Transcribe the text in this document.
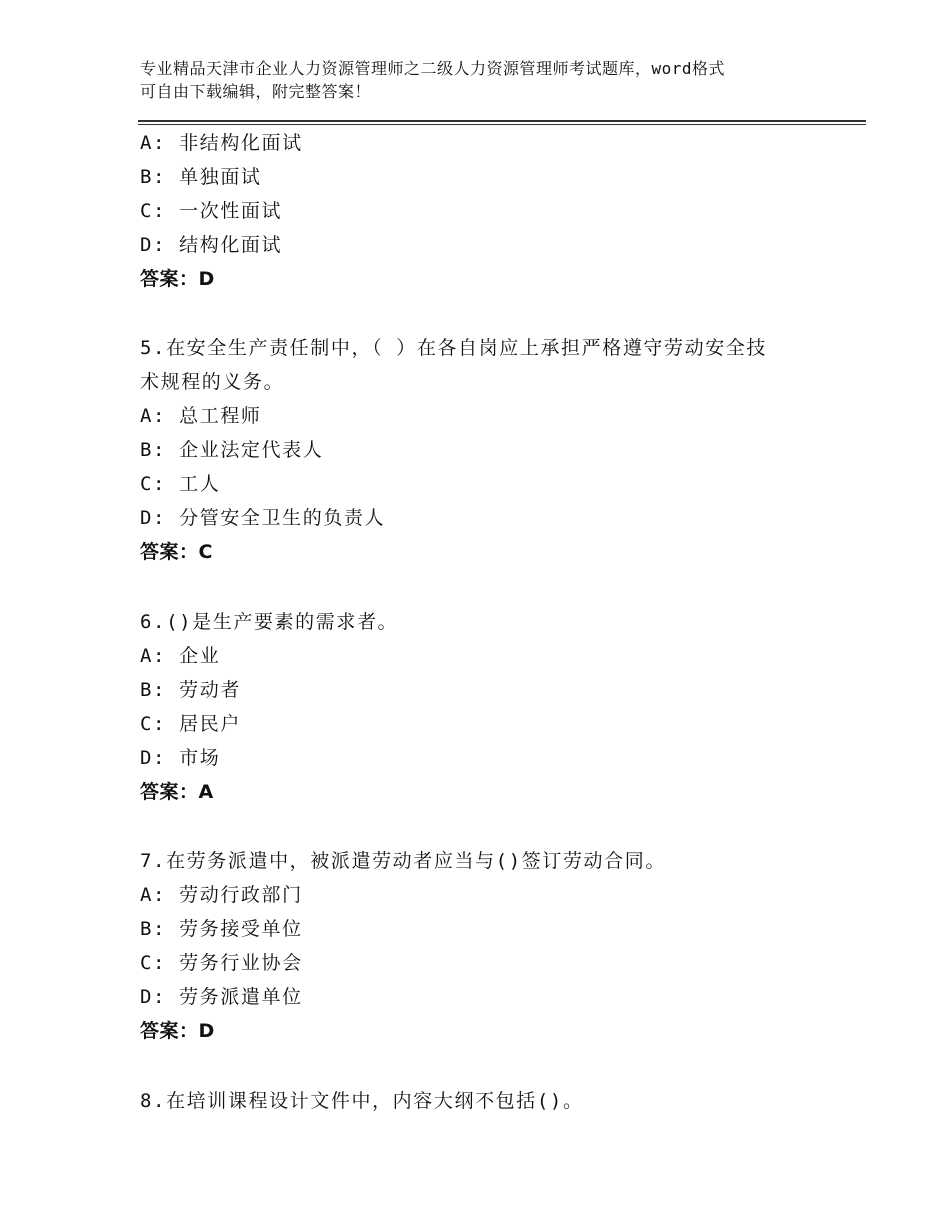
专业精品天津市企业人力资源管理师之二级人力资源管理师考试题库，word格式
可自由下载编辑，附完整答案！
A: 非结构化面试
B: 单独面试
C: 一次性面试
D: 结构化面试
答案：D
5.在安全生产责任制中，（ ）在各自岗应上承担严格遵守劳动安全技
术规程的义务。
A: 总工程师
B: 企业法定代表人
C: 工人
D: 分管安全卫生的负责人
答案：C
6.()是生产要素的需求者。
A: 企业
B: 劳动者
C: 居民户
D: 市场
答案：A
7.在劳务派遣中，被派遣劳动者应当与()签订劳动合同。
A: 劳动行政部门
B: 劳务接受单位
C: 劳务行业协会
D: 劳务派遣单位
答案：D
8.在培训课程设计文件中，内容大纲不包括()。
